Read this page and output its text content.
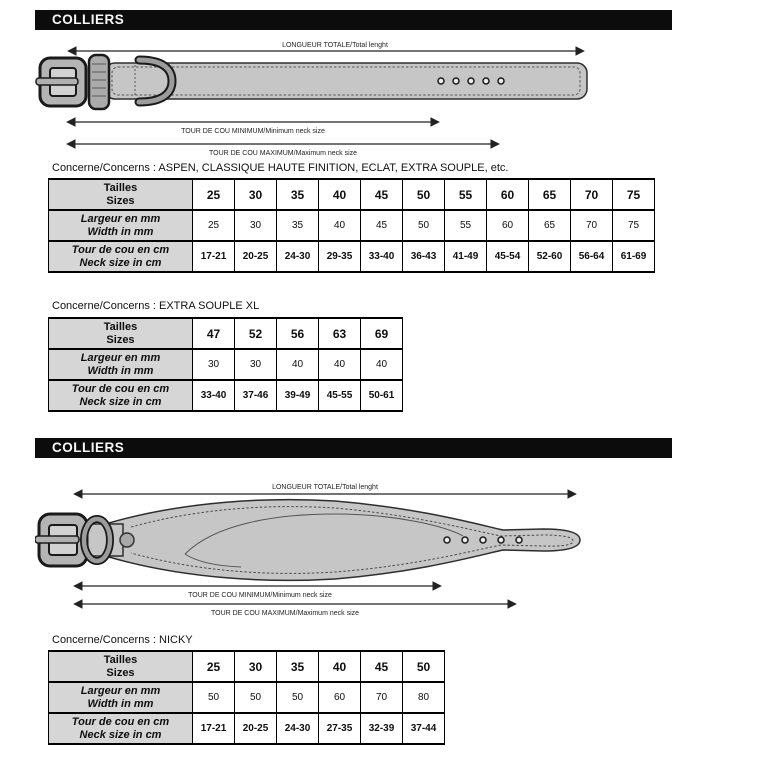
COLLIERS
LONGUEUR TOTALE/Total lenght
TOUR DE COU MINIMUM/Minimum neck size
TOUR DE COU MAXIMUM/Maximum neck size
Concerne/Concerns : ASPEN, CLASSIQUE HAUTE FINITION, ECLAT, EXTRA SOUPLE, etc.
Tailles
Sizes	25	30	35	40	45	50	55	60	65	70	75

Largeur en mm
Width in mm	25	30	35	40	45	50	55	60	65	70	75

Tour de cou en cm
Neck size in cm	17-21	20-25	24-30	29-35	33-40	36-43	41-49	45-54	52-60	56-64	61-69
Concerne/Concerns : EXTRA SOUPLE XL
Tailles
Sizes	47	52	56	63	69

Largeur en mm
Width in mm	30	30	40	40	40

Tour de cou en cm
Neck size in cm	33-40	37-46	39-49	45-55	50-61
COLLIERS
LONGUEUR TOTALE/Total lenght
TOUR DE COU MINIMUM/Minimum neck size
TOUR DE COU MAXIMUM/Maximum neck size
Concerne/Concerns : NICKY
Tailles
Sizes	25	30	35	40	45	50

Largeur en mm
Width in mm	50	50	50	60	70	80

Tour de cou en cm
Neck size in cm	17-21	20-25	24-30	27-35	32-39	37-44
